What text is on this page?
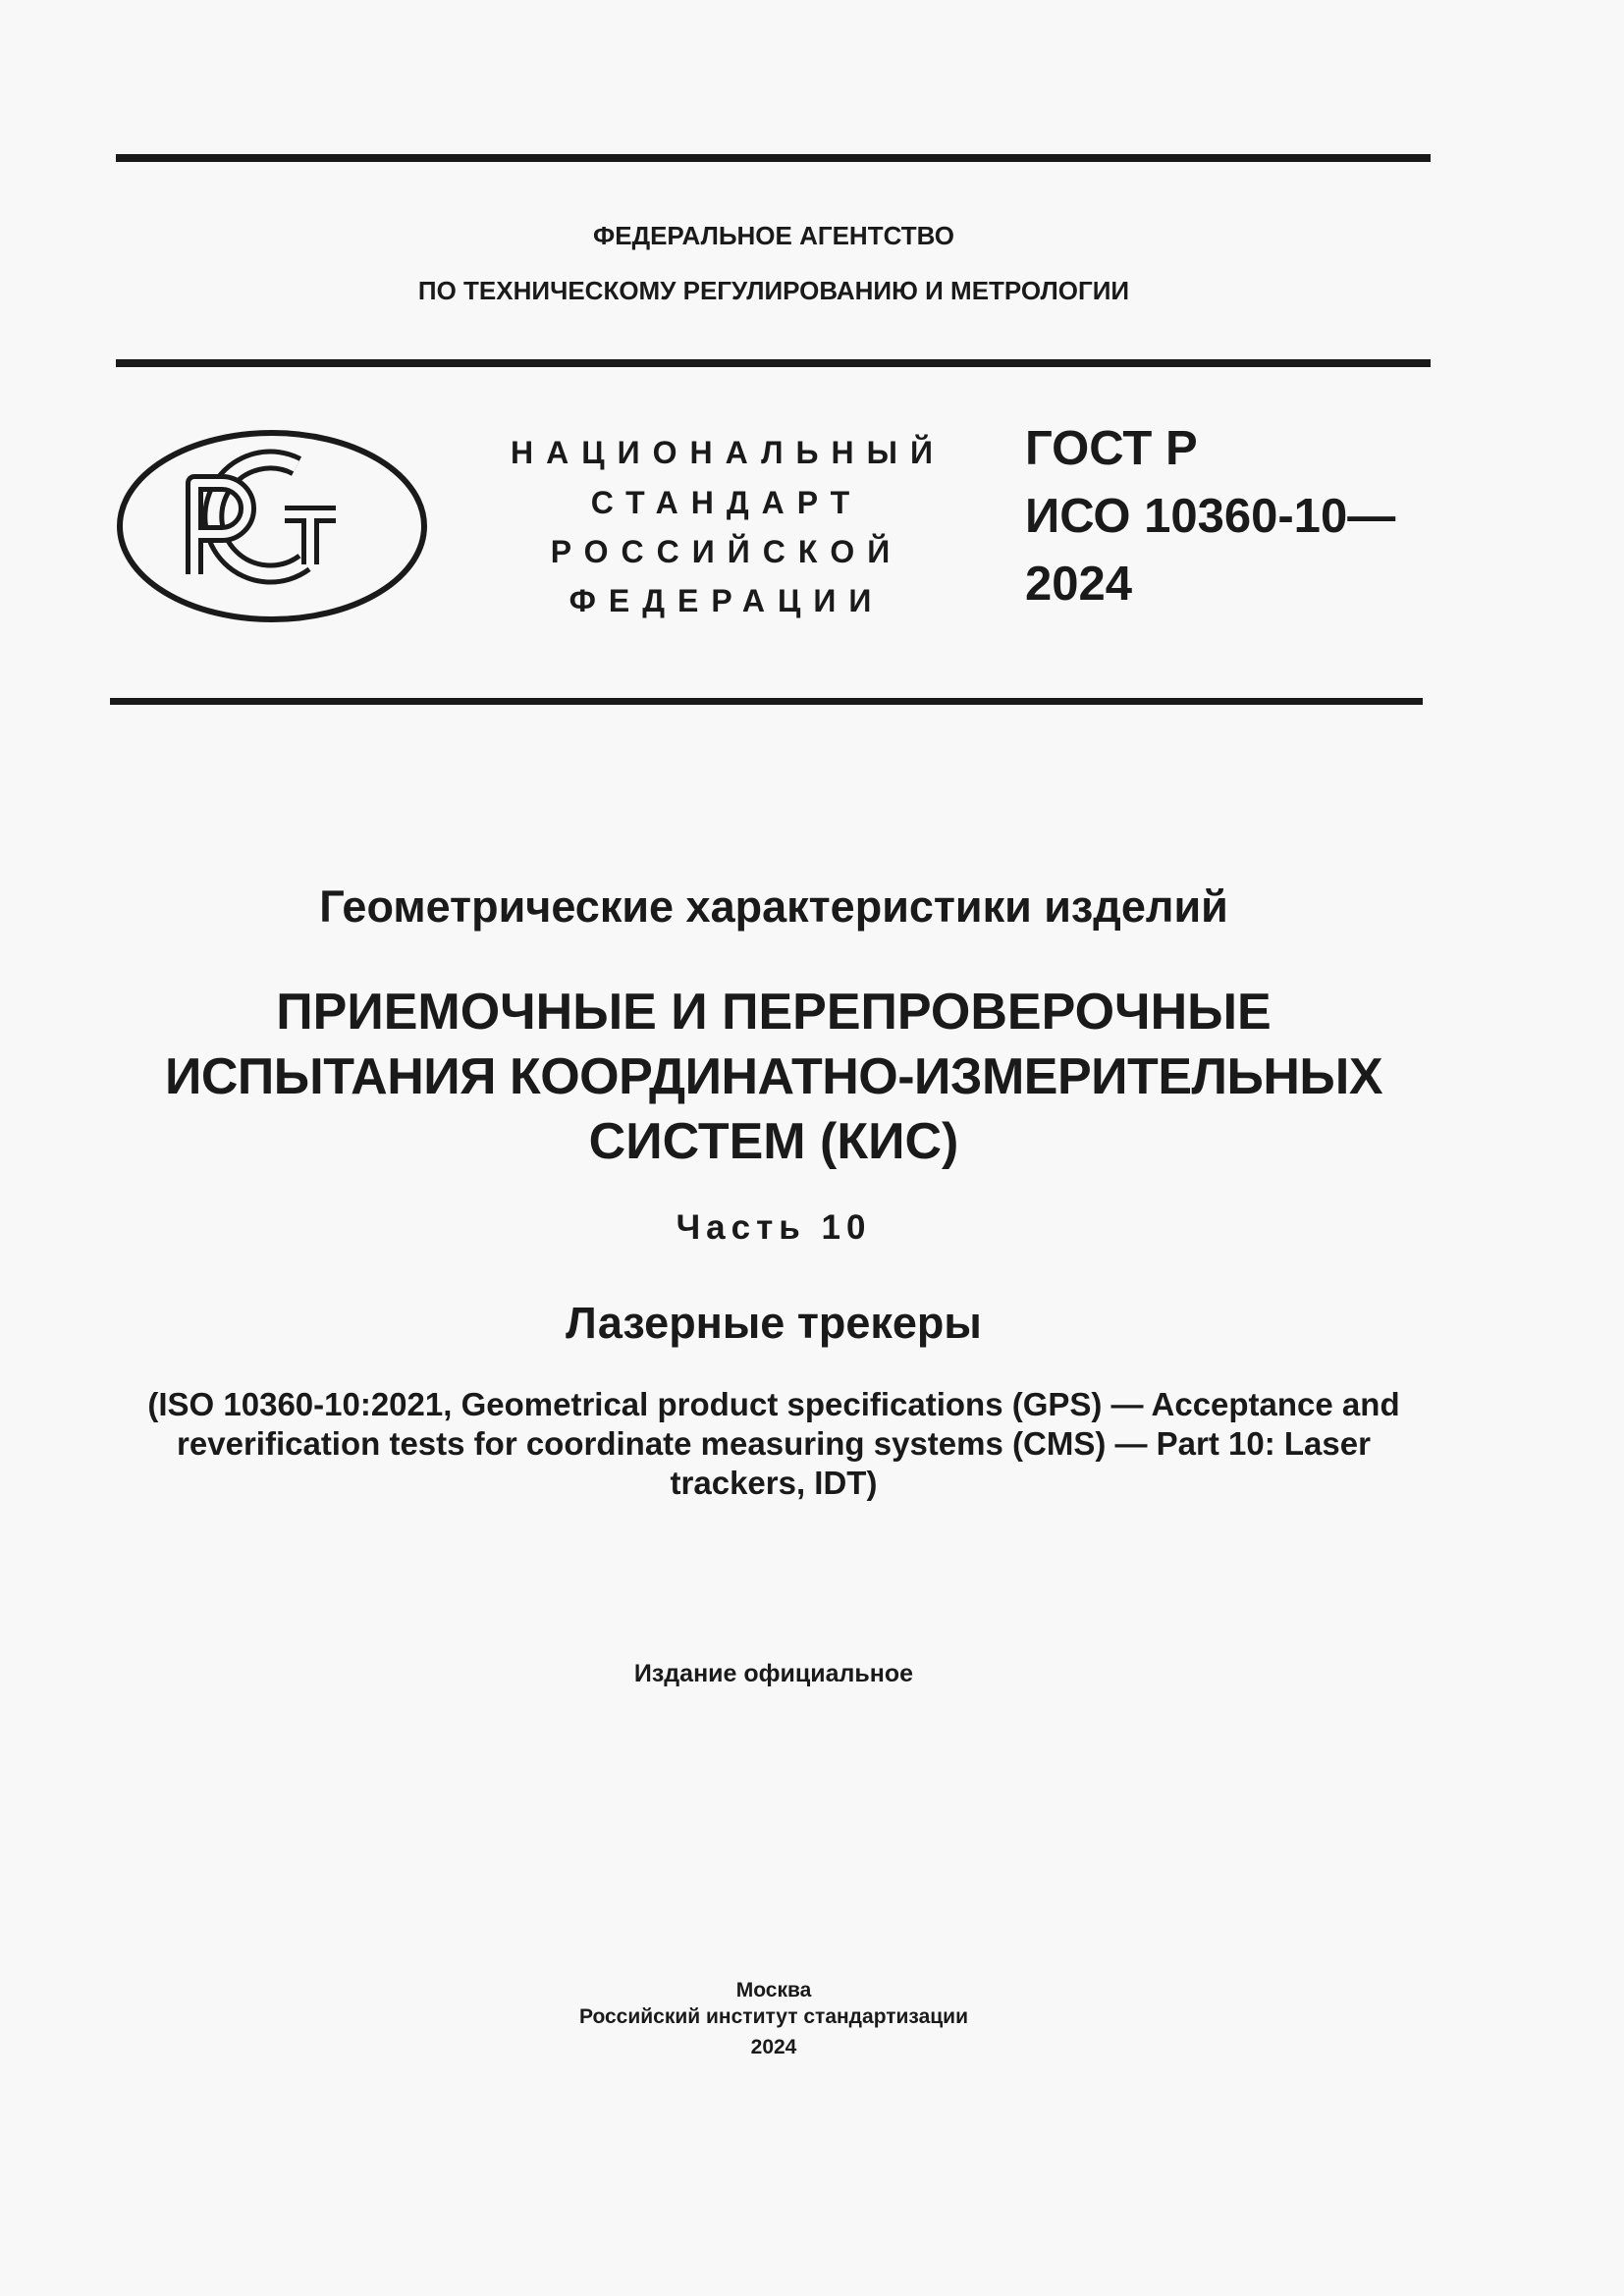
ФЕДЕРАЛЬНОЕ АГЕНТСТВО
ПО ТЕХНИЧЕСКОМУ РЕГУЛИРОВАНИЮ И МЕТРОЛОГИИ
НАЦИОНАЛЬНЫЙ
СТАНДАРТ
РОССИЙСКОЙ
ФЕДЕРАЦИИ
ГОСТ Р
ИСО 10360-10—
2024
Геометрические характеристики изделий
ПРИЕМОЧНЫЕ И ПЕРЕПРОВЕРОЧНЫЕ
ИСПЫТАНИЯ КООРДИНАТНО-ИЗМЕРИТЕЛЬНЫХ
СИСТЕМ (КИС)
Часть 10
Лазерные трекеры
(ISO 10360-10:2021, Geometrical product specifications (GPS) — Acceptance and
reverification tests for coordinate measuring systems (CMS) — Part 10: Laser
trackers, IDT)
Издание официальное
Москва
Российский институт стандартизации
2024
